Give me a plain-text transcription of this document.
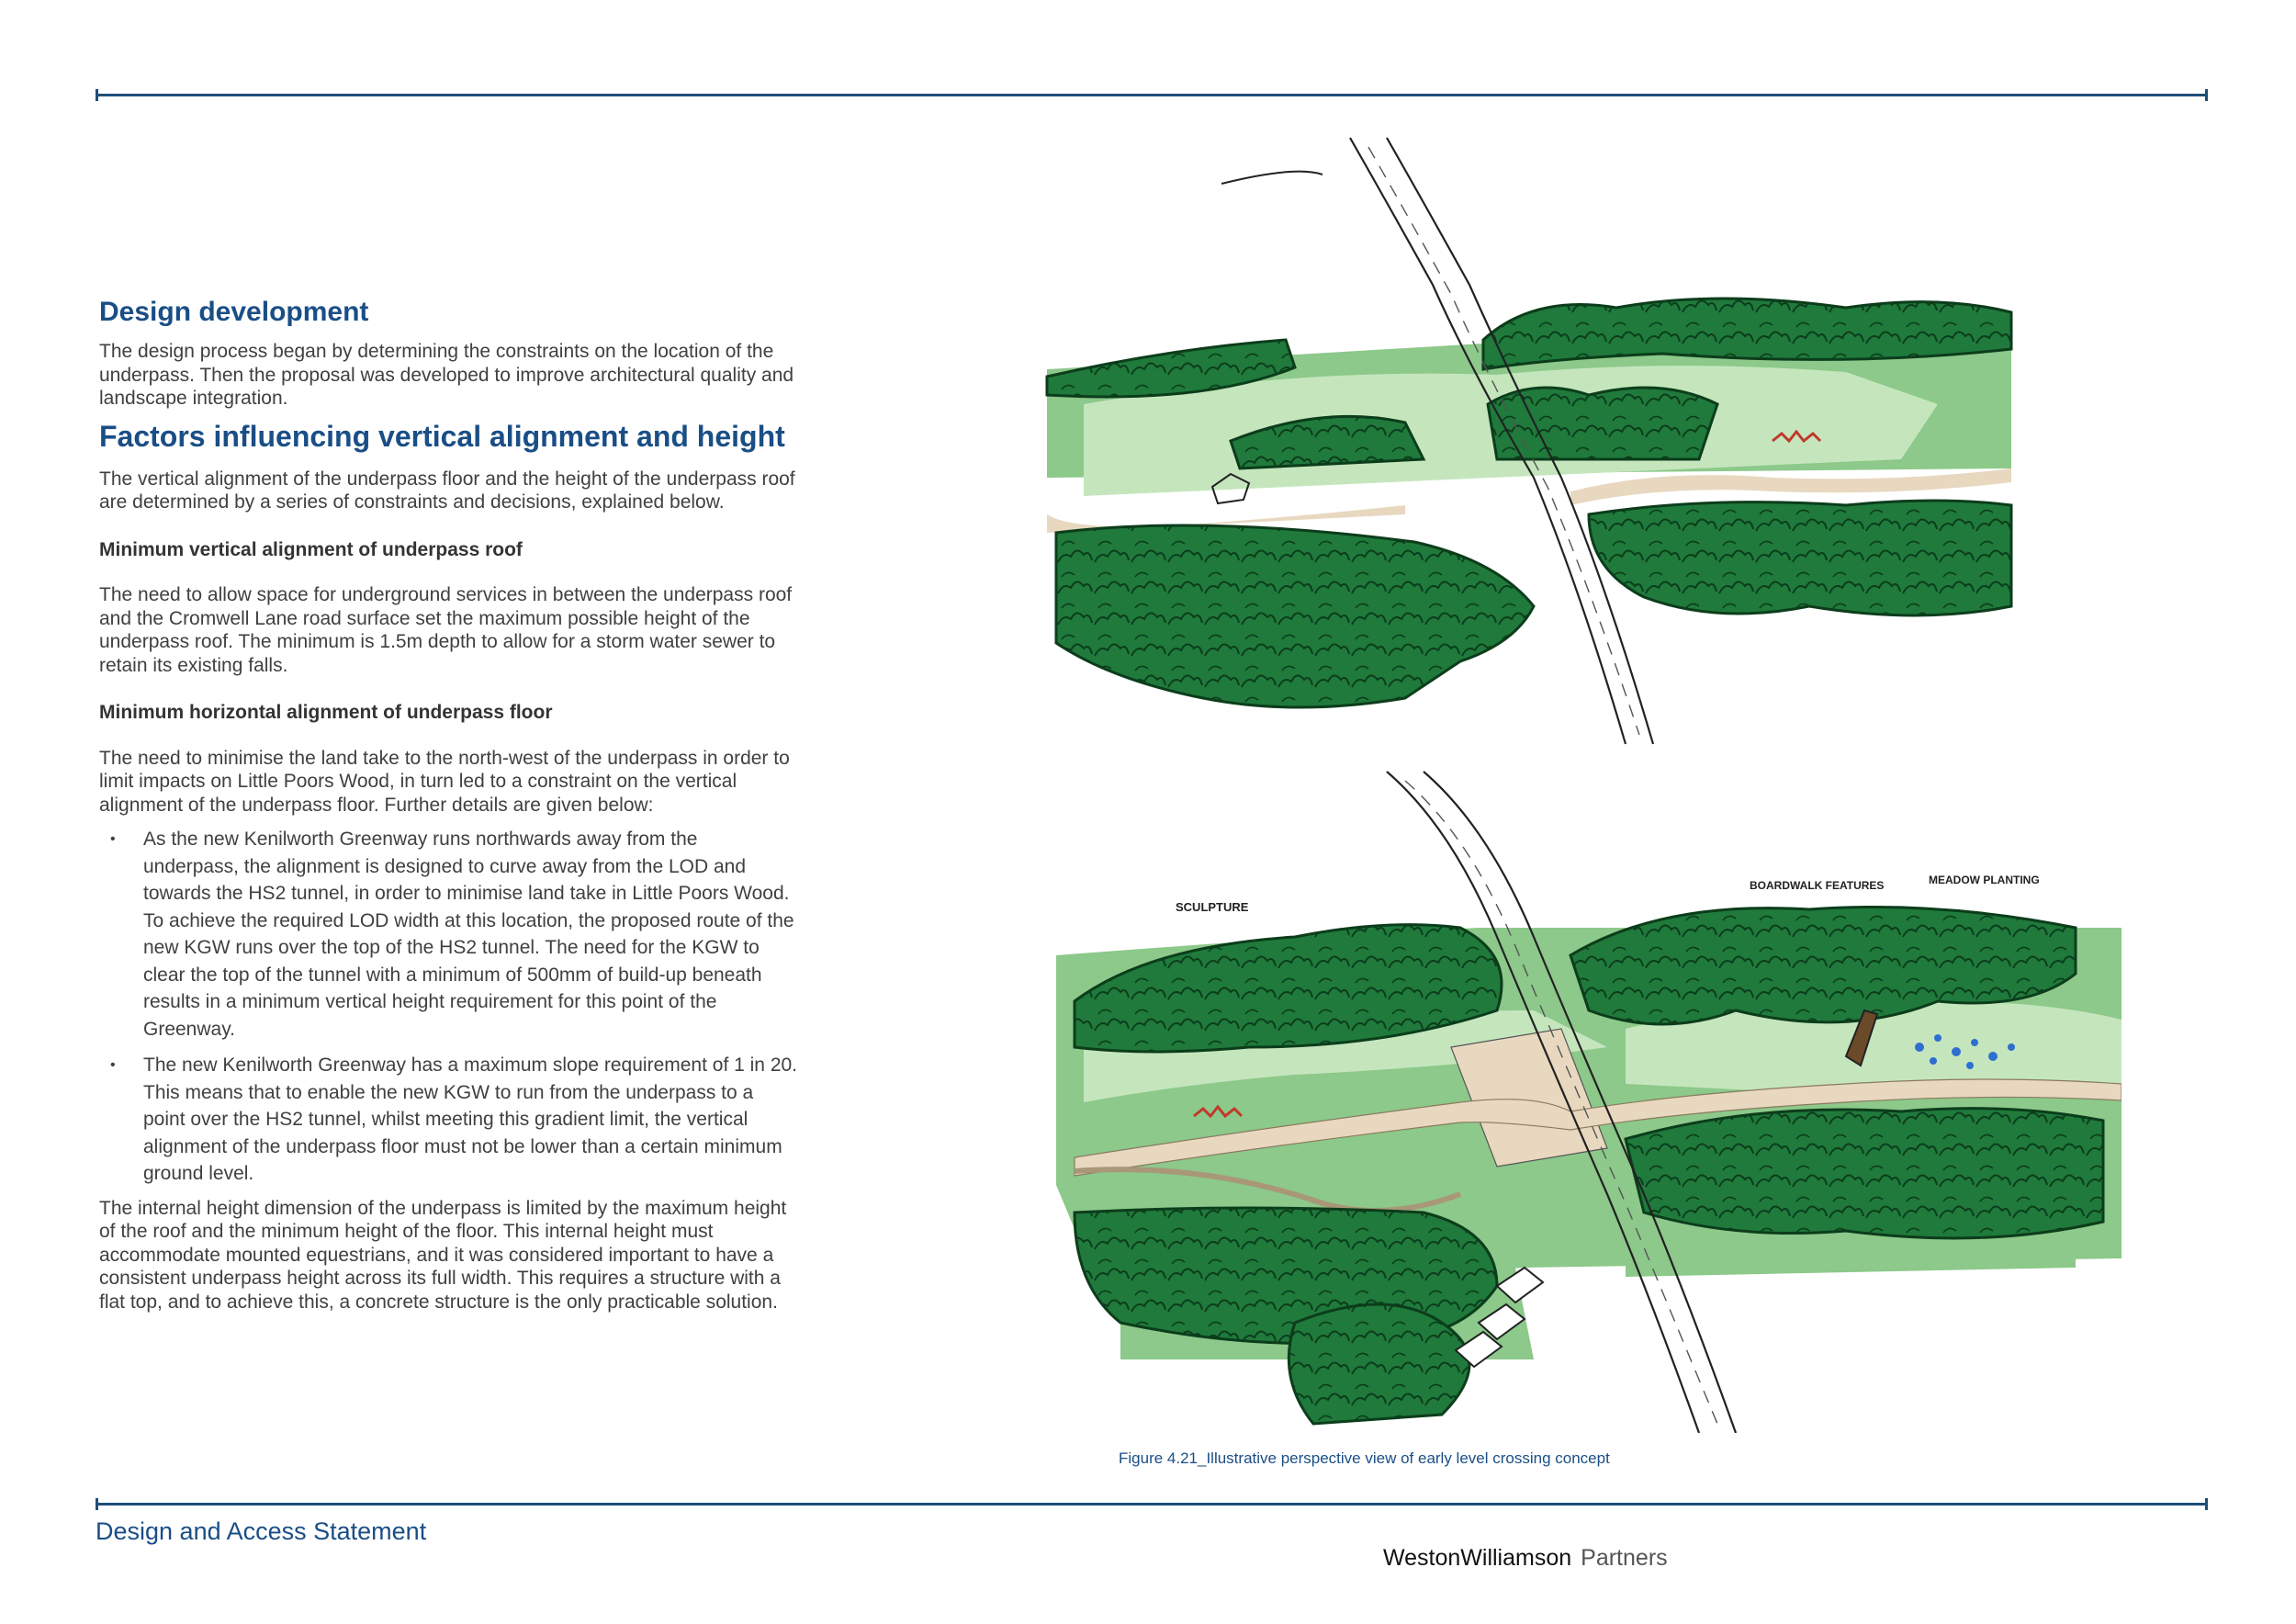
Design development
The design process began by determining the constraints on the location of the underpass. Then the proposal was developed to improve architectural quality and landscape integration.
Factors influencing vertical alignment and height
The vertical alignment of the underpass floor and the height of the underpass roof are determined by a series of constraints and decisions, explained below.
Minimum vertical alignment of underpass roof
The need to allow space for underground services in between the underpass roof and the Cromwell Lane road surface set the maximum possible height of the underpass roof. The minimum is 1.5m depth to allow for a storm water sewer to retain its existing falls.
Minimum horizontal alignment of underpass floor
The need to minimise the land take to the north-west of the underpass in order to limit impacts on Little Poors Wood, in turn led to a constraint on the vertical alignment of the underpass floor. Further details are given below:
• As the new Kenilworth Greenway runs northwards away from the underpass, the alignment is designed to curve away from the LOD and towards the HS2 tunnel, in order to minimise land take in Little Poors Wood. To achieve the required LOD width at this location, the proposed route of the new KGW runs over the top of the HS2 tunnel. The need for the KGW to clear the top of the tunnel with a minimum of 500mm of build-up beneath results in a minimum vertical height requirement for this point of the Greenway.
• The new Kenilworth Greenway has a maximum slope requirement of 1 in 20. This means that to enable the new KGW to run from the underpass to a point over the HS2 tunnel, whilst meeting this gradient limit, the vertical alignment of the underpass floor must not be lower than a certain minimum ground level.
The internal height dimension of the underpass is limited by the maximum height of the roof and the minimum height of the floor. This internal height must accommodate mounted equestrians, and it was considered important to have a consistent underpass height across its full width. This requires a structure with a flat top, and to achieve this, a concrete structure is the only practicable solution.
SCULPTURE
BOARDWALK FEATURES	MEADOW PLANTING
Figure 4.21_Illustrative perspective view of early level crossing concept
Design and Access Statement
WestonWilliamson Partners
